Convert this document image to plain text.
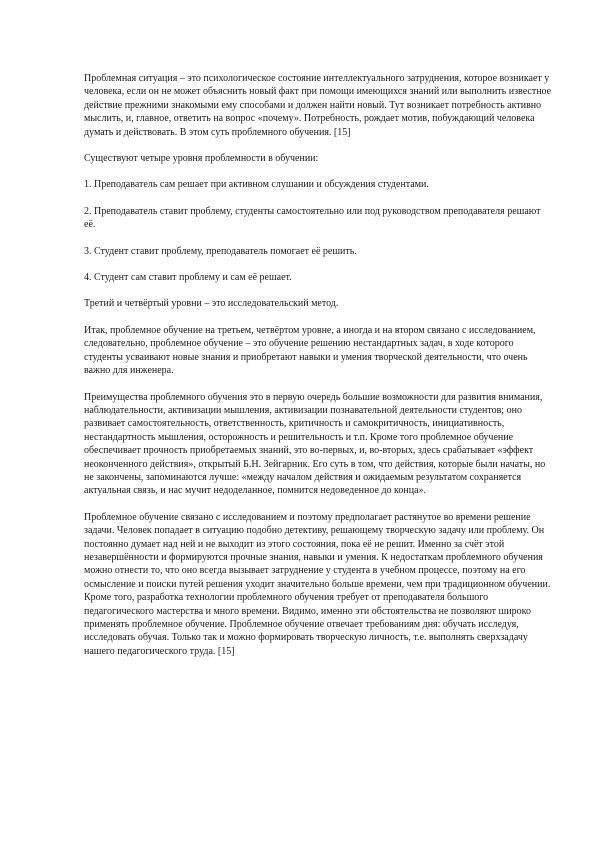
Проблемная ситуация – это психологическое состояние интеллектуального затруднения, которое возникает у человека, если он не может объяснить новый факт при помощи имеющихся знаний или выполнить известное действие прежними знакомыми ему способами и должен найти новый. Тут возникает потребность активно мыслить, и, главное, ответить на вопрос «почему». Потребность, рождает мотив, побуждающий человека думать и действовать. В этом суть проблемного обучения. [15]

Существуют четыре уровня проблемности в обучении:

1. Преподаватель сам решает при активном слушании и обсуждения студентами.

2. Преподаватель ставит проблему, студенты самостоятельно или под руководством преподавателя решают её.

3. Студент ставит проблему, преподаватель помогает её решить.

4. Студент сам ставит проблему и сам её решает.

Третий и четвёртый уровни – это исследовательский метод.

Итак, проблемное обучение на третьем, четвёртом уровне, а иногда и на втором связано с исследованием, следовательно, проблемное обучение – это обучение решению нестандартных задач, в ходе которого студенты усваивают новые знания и приобретают навыки и умения творческой деятельности, что очень важно для инженера.

Преимущества проблемного обучения это в первую очередь большие возможности для развития внимания, наблюдательности, активизации мышления, активизации познавательной деятельности студентов; оно развивает самостоятельность, ответственность, критичность и самокритичность, инициативность, нестандартность мышления, осторожность и решительность и т.п. Кроме того проблемное обучение обеспечивает прочность приобретаемых знаний, это во-первых, и, во-вторых, здесь срабатывает «эффект неоконченного действия», открытый Б.Н. Зейгарник. Его суть в том, что действия, которые были начаты, но не закончены, запоминаются лучше: «между началом действия и ожидаемым результатом сохраняется актуальная связь, и нас мучит недоделанное, помнится недоведенное до конца».

Проблемное обучение связано с исследованием и поэтому предполагает растянутое во времени решение задачи. Человек попадает в ситуацию подобно детективу, решающему творческую задачу или проблему. Он постоянно думает над ней и не выходит из этого состояния, пока её не решит. Именно за счёт этой незавершённости и формируются прочные знания, навыки и умения. К недостаткам проблемного обучения можно отнести то, что оно всегда вызывает затруднение у студента в учебном процессе, поэтому на его осмысление и поиски путей решения уходит значительно больше времени, чем при традиционном обучении. Кроме того, разработка технологии проблемного обучения требует от преподавателя большого педагогического мастерства и много времени. Видимо, именно эти обстоятельства не позволяют широко применять проблемное обучение. Проблемное обучение отвечает требованиям дня: обучать исследуя, исследовать обучая. Только так и можно формировать творческую личность, т.е. выполнять сверхзадачу нашего педагогического труда. [15]
